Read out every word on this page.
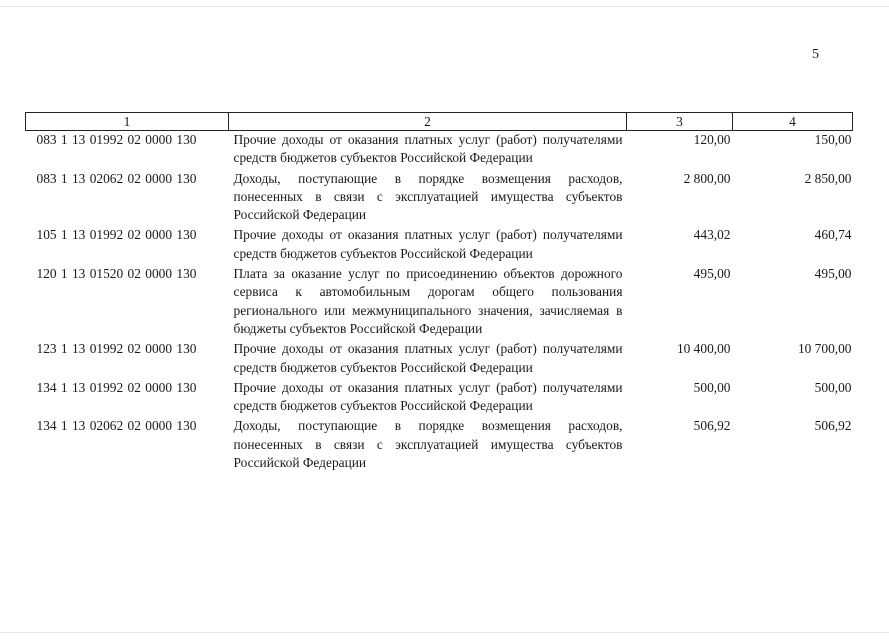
5
1	2	3	4
083 1 13 01992 02 0000 130	Прочие доходы от оказания платных услуг (работ) получателями средств бюджетов субъектов Российской Федерации	120,00	150,00
083 1 13 02062 02 0000 130	Доходы, поступающие в порядке возмещения расходов, понесенных в связи с эксплуатацией имущества субъектов Российской Федерации	2 800,00	2 850,00
105 1 13 01992 02 0000 130	Прочие доходы от оказания платных услуг (работ) получателями средств бюджетов субъектов Российской Федерации	443,02	460,74
120 1 13 01520 02 0000 130	Плата за оказание услуг по присоединению объектов дорожного сервиса к автомобильным дорогам общего пользования регионального или межмуниципального значения, зачисляемая в бюджеты субъектов Российской Федерации	495,00	495,00
123 1 13 01992 02 0000 130	Прочие доходы от оказания платных услуг (работ) получателями средств бюджетов субъектов Российской Федерации	10 400,00	10 700,00
134 1 13 01992 02 0000 130	Прочие доходы от оказания платных услуг (работ) получателями средств бюджетов субъектов Российской Федерации	500,00	500,00
134 1 13 02062 02 0000 130	Доходы, поступающие в порядке возмещения расходов, понесенных в связи с эксплуатацией имущества субъектов Российской Федерации	506,92	506,92
